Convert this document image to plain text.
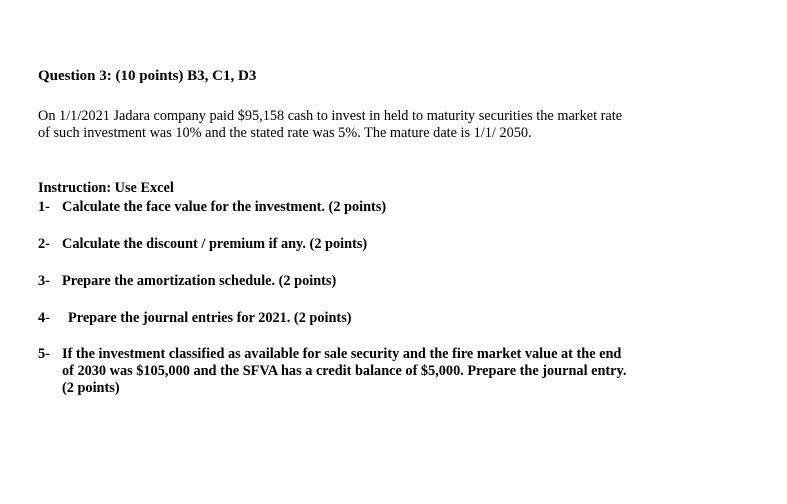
Question 3: (10 points) B3, C1, D3
On 1/1/2021 Jadara company paid $95,158 cash to invest in held to maturity securities the market rate
of such investment was 10% and the stated rate was 5%. The mature date is 1/1/ 2050.
Instruction: Use Excel
1- Calculate the face value for the investment. (2 points)
2- Calculate the discount / premium if any. (2 points)
3- Prepare the amortization schedule. (2 points)
4- Prepare the journal entries for 2021. (2 points)
5- If the investment classified as available for sale security and the fire market value at the end
of 2030 was $105,000 and the SFVA has a credit balance of $5,000. Prepare the journal entry.
(2 points)
